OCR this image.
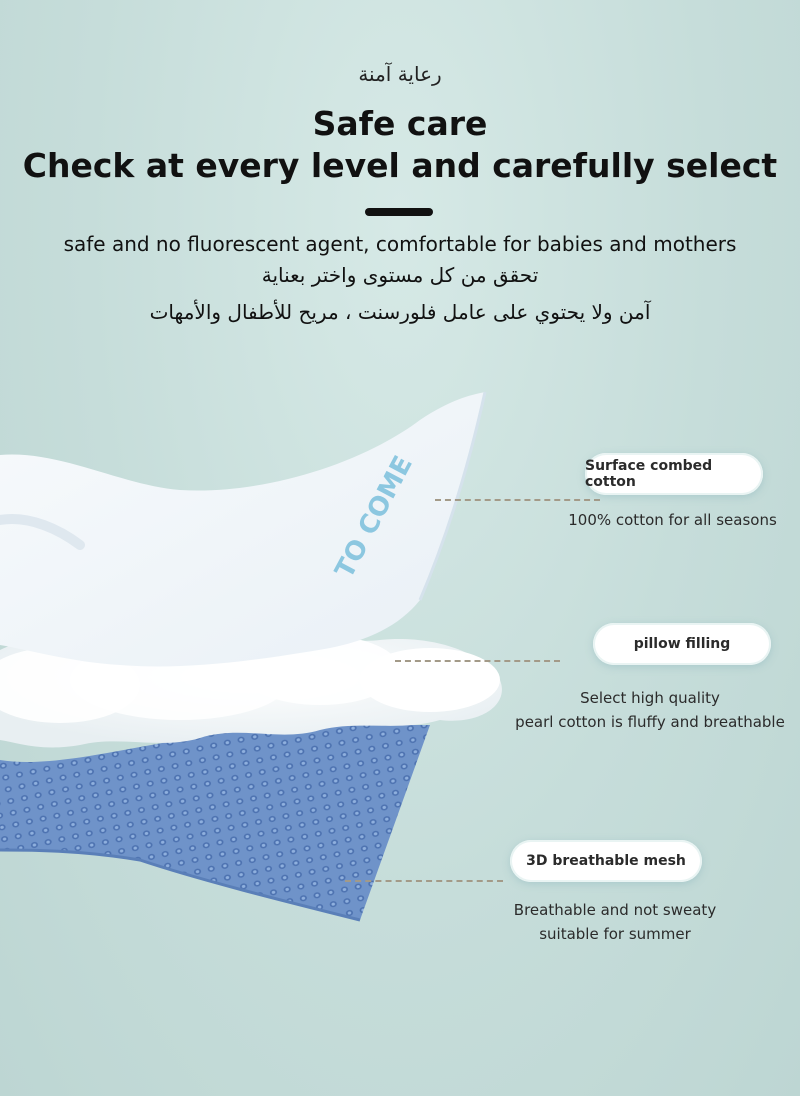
رعاية آمنة
Safe care
Check at every level and carefully select
safe and no fluorescent agent, comfortable for babies and mothers
تحقق من كل مستوى واختر بعناية
آمن ولا يحتوي على عامل فلورسنت ، مريح للأطفال والأمهات
TO COME	Surface combed cotton
100% cotton for all seasons
pillow filling
Select high quality
pearl cotton is fluffy and breathable
3D breathable mesh
Breathable and not sweaty
suitable for summer
